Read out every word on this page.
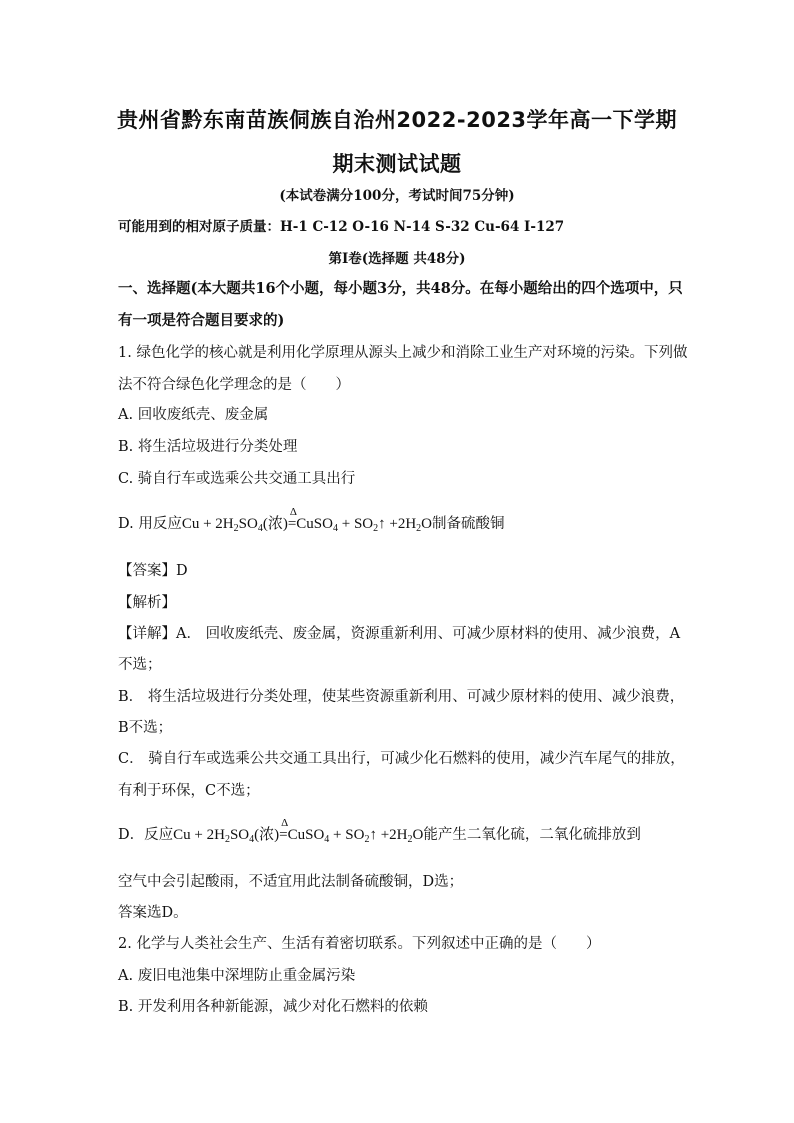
贵州省黔东南苗族侗族自治州2022-2023学年高一下学期
期末测试试题
(本试卷满分100分，考试时间75分钟)
可能用到的相对原子质量：H-1 C-12 O-16 N-14 S-32 Cu-64 I-127
第I卷(选择题 共48分)
一、选择题(本大题共16个小题，每小题3分，共48分。在每小题给出的四个选项中，只
有一项是符合题目要求的)
1. 绿色化学的核心就是利用化学原理从源头上减少和消除工业生产对环境的污染。下列做
法不符合绿色化学理念的是（　　）
A. 回收废纸壳、废金属
B. 将生活垃圾进行分类处理
C. 骑自行车或选乘公共交通工具出行
D. 用反应$Cu + 2H_2SO_4$(浓)
Δ
=CuSO$_4$ + $SO_2↑ +2H_2O$制备硫酸铜
【答案】D
【解析】
【详解】A． 回收废纸壳、废金属，资源重新利用、可减少原材料的使用、减少浪费，A
不选；
B． 将生活垃圾进行分类处理，使某些资源重新利用、可减少原材料的使用、减少浪费，
B不选；
C． 骑自行车或选乘公共交通工具出行，可减少化石燃料的使用，减少汽车尾气的排放，
有利于环保，C不选；
D．反应$Cu + 2H_2SO_4$(浓)
Δ
=CuSO$_4$ + $SO_2↑ +2H_2O$能产生二氧化硫，二氧化硫排放到
空气中会引起酸雨，不适宜用此法制备硫酸铜，D选；
答案选D。
2. 化学与人类社会生产、生活有着密切联系。下列叙述中正确的是（　　）
A. 废旧电池集中深埋防止重金属污染
B. 开发利用各种新能源，减少对化石燃料的依赖
